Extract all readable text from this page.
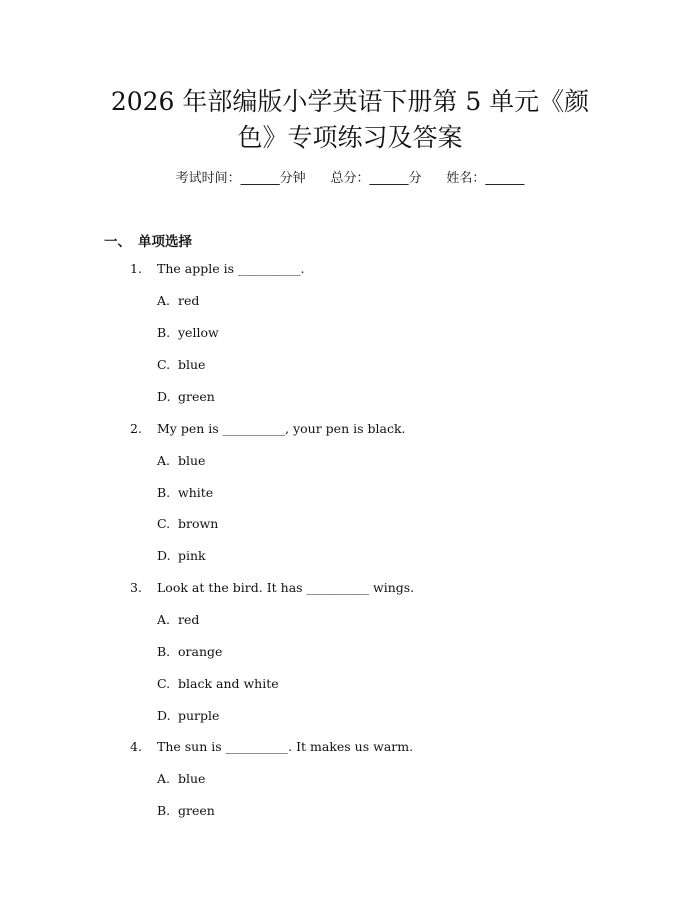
2026 年部编版小学英语下册第 5 单元《颜
色》专项练习及答案
考试时间：______分钟 总分：______分 姓名：______
一、 单项选择
1. The apple is __________.
A. red
B. yellow
C. blue
D. green
2. My pen is __________, your pen is black.
A. blue
B. white
C. brown
D. pink
3. Look at the bird. It has __________ wings.
A. red
B. orange
C. black and white
D. purple
4. The sun is __________. It makes us warm.
A. blue
B. green
